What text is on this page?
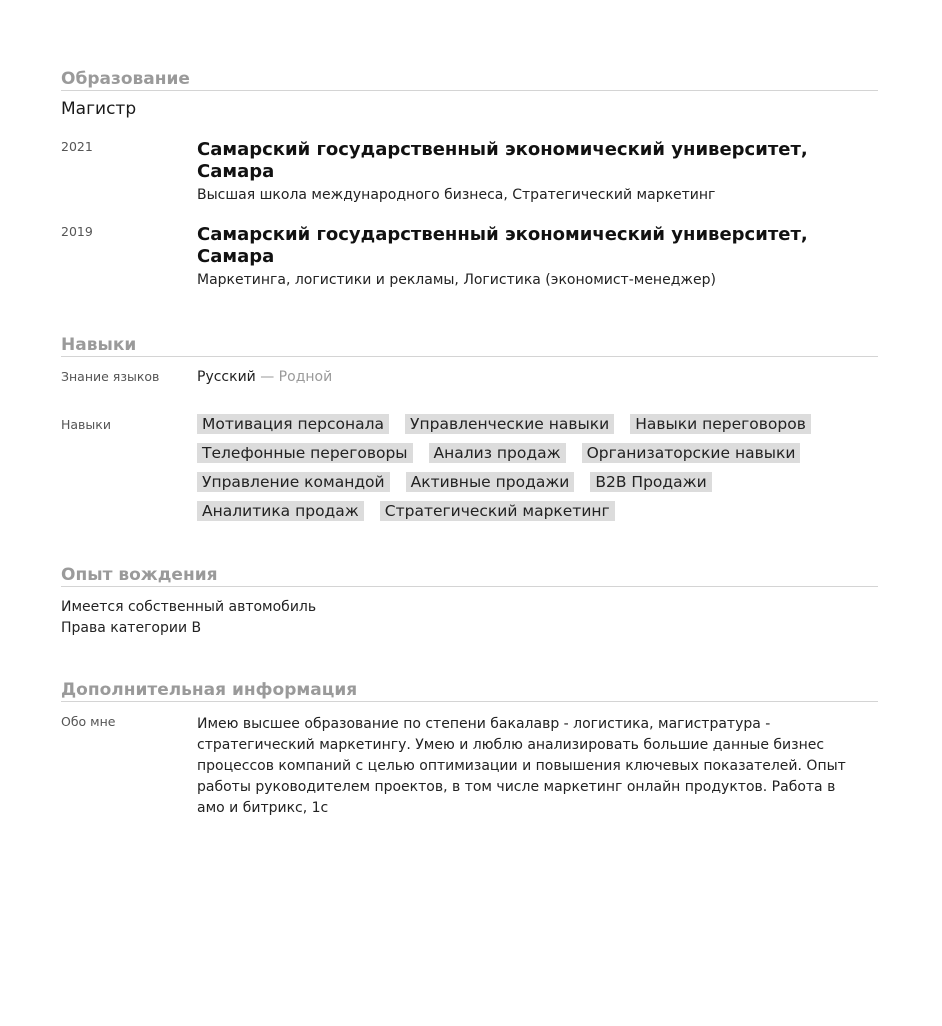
Образование
Магистр
2021	Самарский государственный экономический университет, Самара
Высшая школа международного бизнеса, Стратегический маркетинг
2019	Самарский государственный экономический университет, Самара
Маркетинга, логистики и рекламы, Логистика (экономист-менеджер)
Навыки
Знание языков	Русский — Родной
Навыки	Мотивация персонала	Управленческие навыки	Навыки переговоров
Телефонные переговоры	Анализ продаж	Организаторские навыки
Управление командой	Активные продажи	B2B Продажи
Аналитика продаж	Стратегический маркетинг
Опыт вождения
Имеется собственный автомобиль
Права категории B
Дополнительная информация
Обо мне	Имею высшее образование по степени бакалавр - логистика, магистратура - стратегический маркетингу. Умею и люблю анализировать большие данные бизнес процессов компаний с целью оптимизации и повышения ключевых показателей. Опыт работы руководителем проектов, в том числе маркетинг онлайн продуктов. Работа в амо и битрикс, 1с
